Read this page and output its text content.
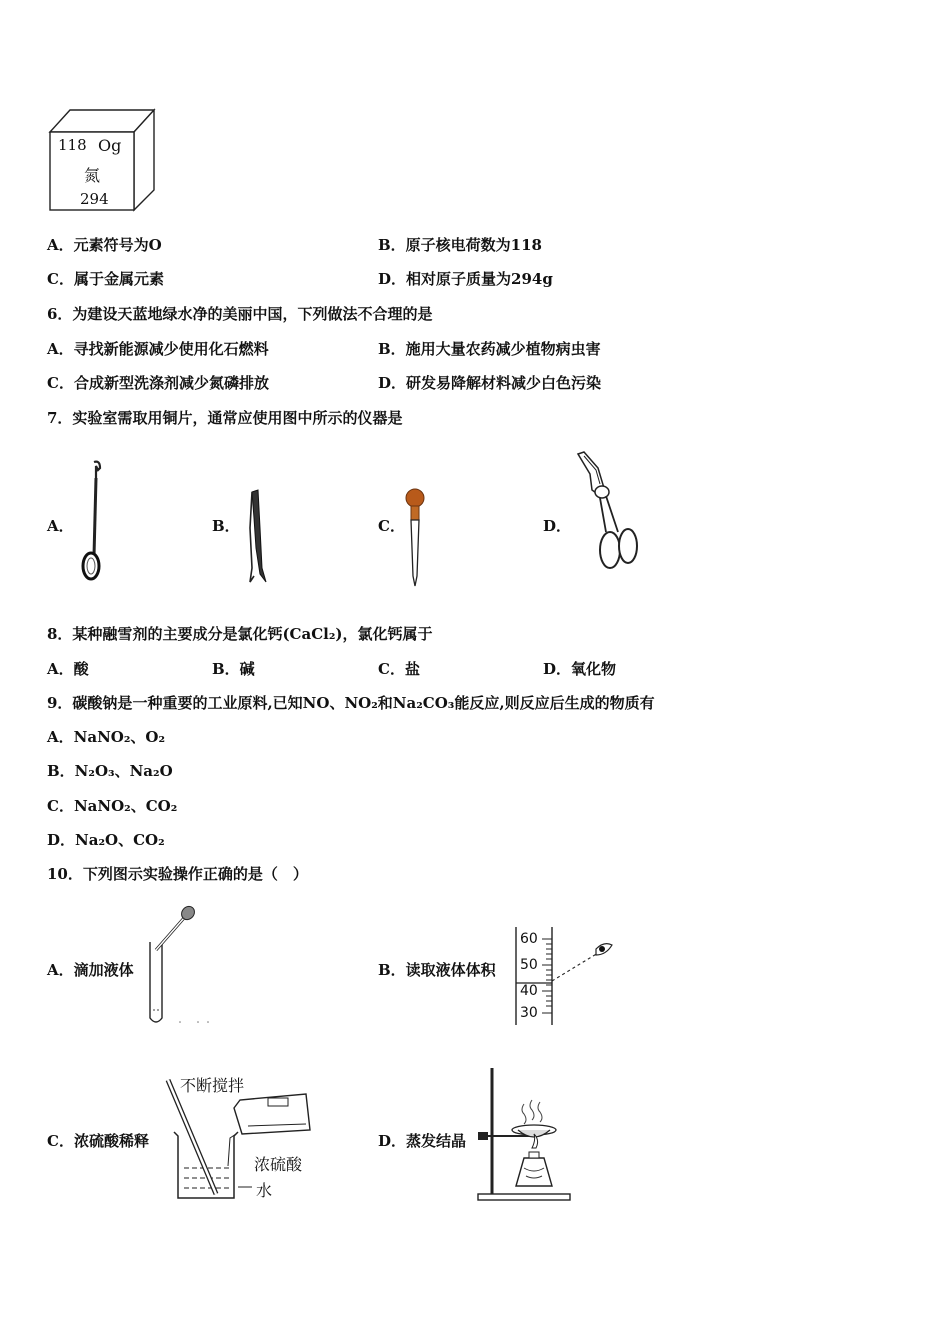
118 Og
氮
294
A．元素符号为O	B．原子核电荷数为118
C．属于金属元素	D．相对原子质量为294g
6．为建设天蓝地绿水净的美丽中国，下列做法不合理的是
A．寻找新能源减少使用化石燃料	B．施用大量农药减少植物病虫害
C．合成新型洗涤剂减少氮磷排放	D．研发易降解材料减少白色污染
7．实验室需取用铜片，通常应使用图中所示的仪器是
A．	B．	C．	D．
8．某种融雪剂的主要成分是氯化钙(CaCl₂)，氯化钙属于
A．酸	B．碱	C．盐	D．氧化物
9．碳酸钠是一种重要的工业原料,已知NO、NO₂和Na₂CO₃能反应,则反应后生成的物质有
A．NaNO₂、O₂
B．N₂O₃、Na₂O
C．NaNO₂、CO₂
D．Na₂O、CO₂
10．下列图示实验操作正确的是（　）
A．滴加液体	B．读取液体体积
C．浓硫酸稀释	D．蒸发结晶
60
50
40
30
不断搅拌
浓硫酸
水
